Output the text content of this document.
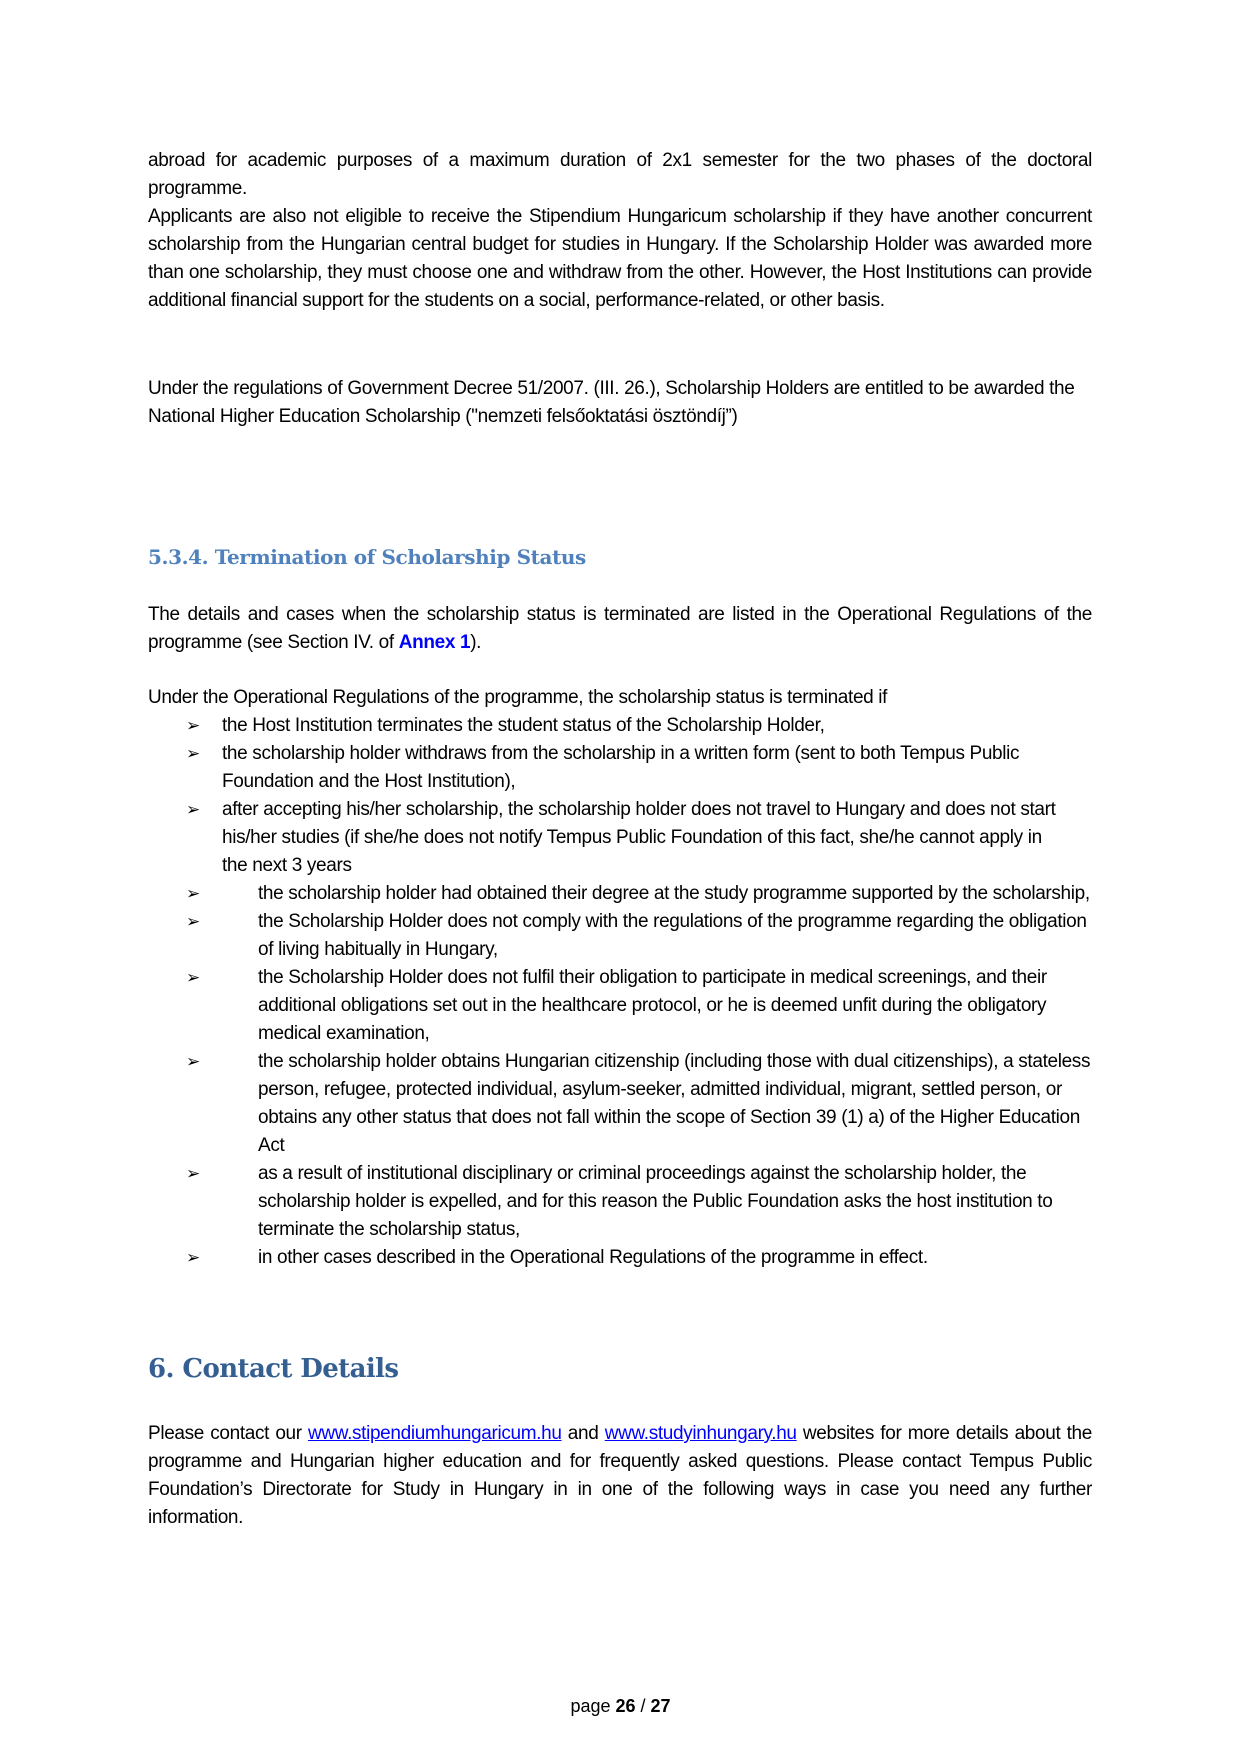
abroad for academic purposes of a maximum duration of 2x1 semester for the two phases of the doctoral programme.

Applicants are also not eligible to receive the Stipendium Hungaricum scholarship if they have another concurrent scholarship from the Hungarian central budget for studies in Hungary. If the Scholarship Holder was awarded more than one scholarship, they must choose one and withdraw from the other. However, the Host Institutions can provide additional financial support for the students on a social, performance-related, or other basis.

Under the regulations of Government Decree 51/2007. (III. 26.), Scholarship Holders are entitled to be awarded the National Higher Education Scholarship ("nemzeti felsőoktatási ösztöndíj”)

5.3.4. Termination of Scholarship Status

The details and cases when the scholarship status is terminated are listed in the Operational Regulations of the programme (see Section IV. of Annex 1).

Under the Operational Regulations of the programme, the scholarship status is terminated if

➢	the Host Institution terminates the student status of the Scholarship Holder,
➢	the scholarship holder withdraws from the scholarship in a written form (sent to both Tempus Public Foundation and the Host Institution),
➢	after accepting his/her scholarship, the scholarship holder does not travel to Hungary and does not start his/her studies (if she/he does not notify Tempus Public Foundation of this fact, she/he cannot apply in the next 3 years
➢	the scholarship holder had obtained their degree at the study programme supported by the scholarship,
➢	the Scholarship Holder does not comply with the regulations of the programme regarding the obligation of living habitually in Hungary,
➢	the Scholarship Holder does not fulfil their obligation to participate in medical screenings, and their additional obligations set out in the healthcare protocol, or he is deemed unfit during the obligatory medical examination,
➢	the scholarship holder obtains Hungarian citizenship (including those with dual citizenships), a stateless person, refugee, protected individual, asylum-seeker, admitted individual, migrant, settled person, or obtains any other status that does not fall within the scope of Section 39 (1) a) of the Higher Education Act
➢	as a result of institutional disciplinary or criminal proceedings against the scholarship holder, the scholarship holder is expelled, and for this reason the Public Foundation asks the host institution to terminate the scholarship status,
➢	in other cases described in the Operational Regulations of the programme in effect.
6. Contact Details

Please contact our www.stipendiumhungaricum.hu and www.studyinhungary.hu websites for more details about the programme and Hungarian higher education and for frequently asked questions. Please contact Tempus Public Foundation’s Directorate for Study in Hungary in in one of the following ways in case you need any further information.

page 26 / 27
